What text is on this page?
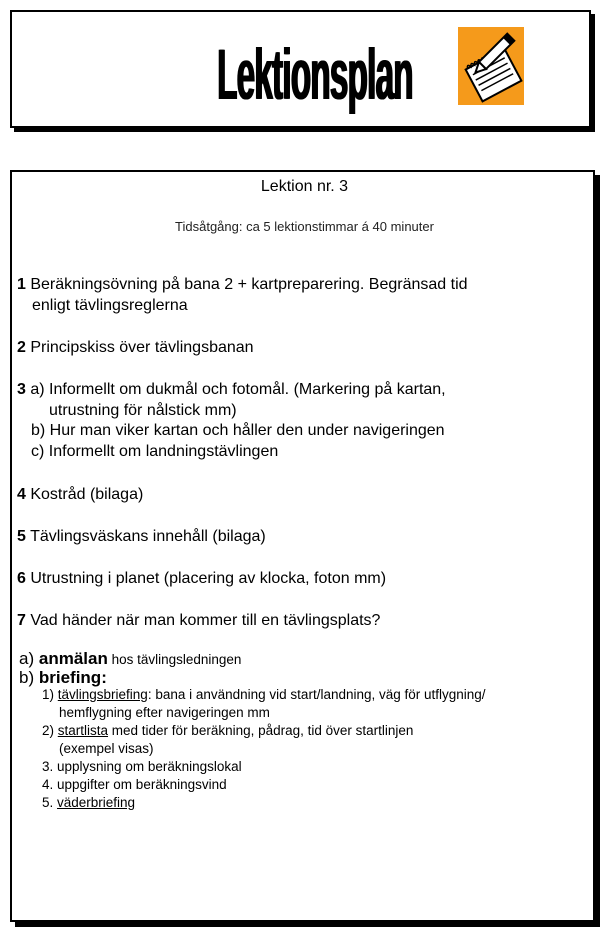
Lektionsplan
Lektion nr. 3
Tidsåtgång: ca 5 lektionstimmar á 40 minuter
1 Beräkningsövning på bana 2 + kartpreparering. Begränsad tid
enligt tävlingsreglerna
2 Principskiss över tävlingsbanan
3 a) Informellt om dukmål och fotomål. (Markering på kartan,
utrustning för nålstick mm)
b) Hur man viker kartan och håller den under navigeringen
c) Informellt om landningstävlingen
4 Kostråd (bilaga)
5 Tävlingsväskans innehåll (bilaga)
6 Utrustning i planet (placering av klocka, foton mm)
7 Vad händer när man kommer till en tävlingsplats?
a) anmälan hos tävlingsledningen
b) briefing:
1) tävlingsbriefing: bana i användning vid start/landning, väg för utflygning/
hemflygning efter navigeringen mm
2) startlista med tider för beräkning, pådrag, tid över startlinjen
(exempel visas)
3. upplysning om beräkningslokal
4. uppgifter om beräkningsvind
5. väderbriefing
